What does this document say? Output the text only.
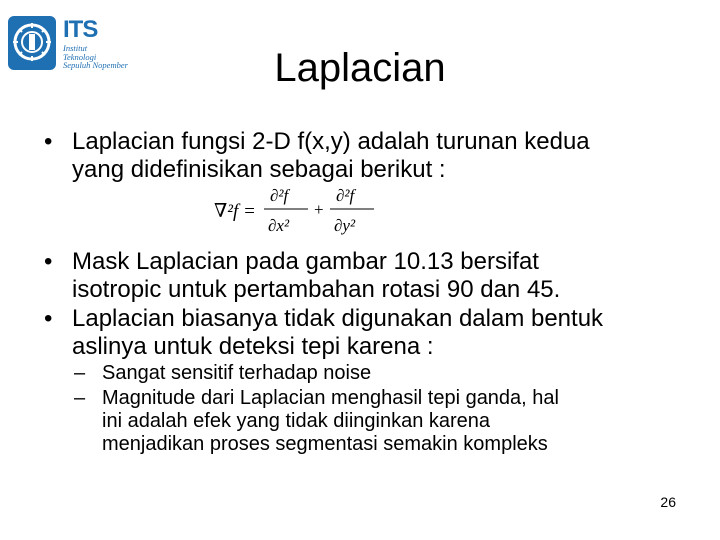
ITS
Institut
Teknologi
Sepuluh Nopember	Laplacian
• Laplacian fungsi 2-D f(x,y) adalah turunan kedua
yang didefinisikan sebagai berikut :
∇²f =
∂²f
∂x²
+
∂²f
∂y²
• Mask Laplacian pada gambar 10.13 bersifat
isotropic untuk pertambahan rotasi 90 dan 45.
• Laplacian biasanya tidak digunakan dalam bentuk
aslinya untuk deteksi tepi karena :
– Sangat sensitif terhadap noise
– Magnitude dari Laplacian menghasil tepi ganda, hal
ini adalah efek yang tidak diinginkan karena
menjadikan proses segmentasi semakin kompleks
26
